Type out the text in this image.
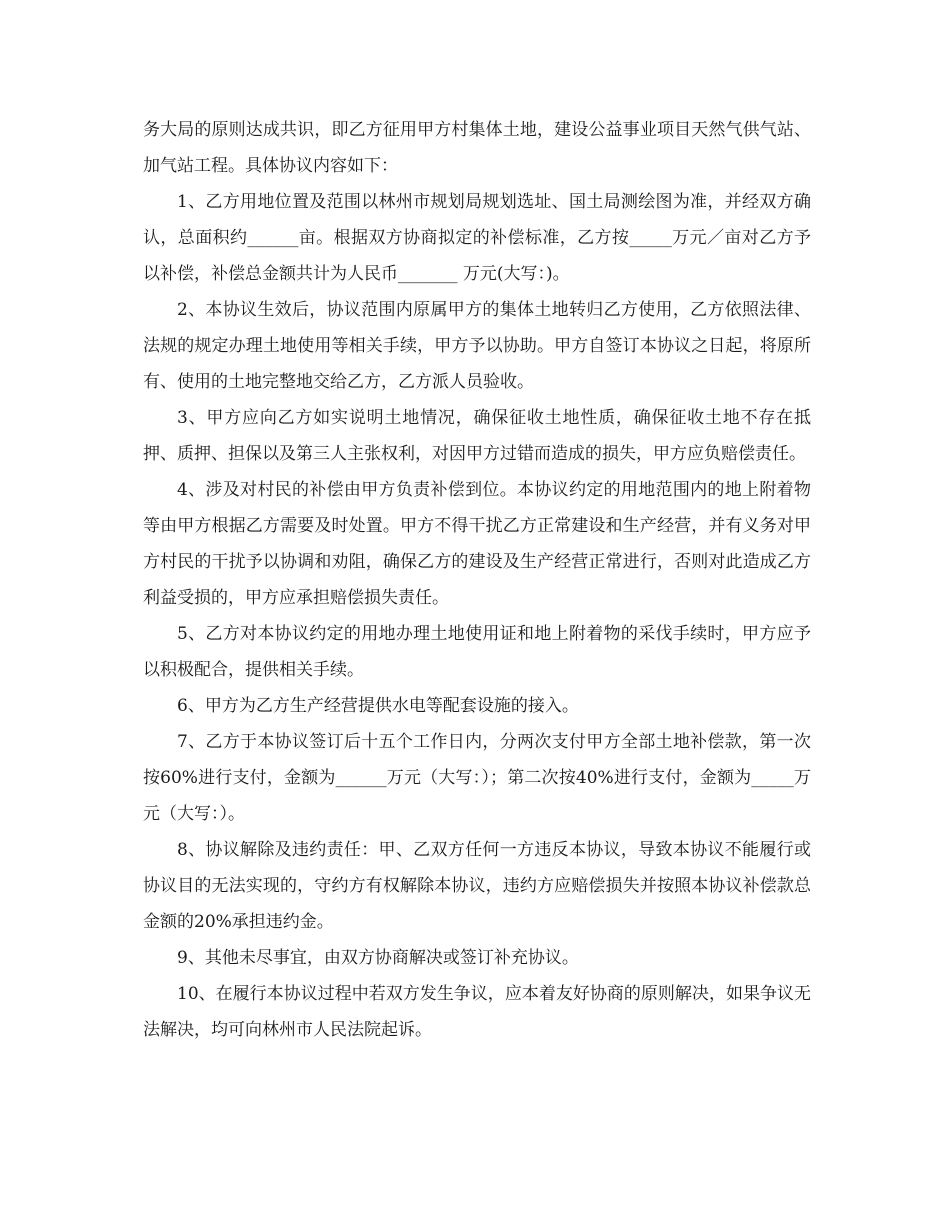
务大局的原则达成共识，即乙方征用甲方村集体土地，建设公益事业项目天然气供气站、加气站工程。具体协议内容如下：

1、乙方用地位置及范围以林州市规划局规划选址、国土局测绘图为准，并经双方确认，总面积约______亩。根据双方协商拟定的补偿标准，乙方按_____万元／亩对乙方予以补偿，补偿总金额共计为人民币_______ 万元(大写：)。

2、本协议生效后，协议范围内原属甲方的集体土地转归乙方使用，乙方依照法律、法规的规定办理土地使用等相关手续，甲方予以协助。甲方自签订本协议之日起，将原所有、使用的土地完整地交给乙方，乙方派人员验收。

3、甲方应向乙方如实说明土地情况，确保征收土地性质，确保征收土地不存在抵押、质押、担保以及第三人主张权利，对因甲方过错而造成的损失，甲方应负赔偿责任。

4、涉及对村民的补偿由甲方负责补偿到位。本协议约定的用地范围内的地上附着物等由甲方根据乙方需要及时处置。甲方不得干扰乙方正常建设和生产经营，并有义务对甲方村民的干扰予以协调和劝阻，确保乙方的建设及生产经营正常进行，否则对此造成乙方利益受损的，甲方应承担赔偿损失责任。

5、乙方对本协议约定的用地办理土地使用证和地上附着物的采伐手续时，甲方应予以积极配合，提供相关手续。

6、甲方为乙方生产经营提供水电等配套设施的接入。

7、乙方于本协议签订后十五个工作日内，分两次支付甲方全部土地补偿款，第一次按60%进行支付，金额为______万元（大写：）；第二次按40%进行支付，金额为_____万元（大写：）。

8、协议解除及违约责任：甲、乙双方任何一方违反本协议，导致本协议不能履行或协议目的无法实现的，守约方有权解除本协议，违约方应赔偿损失并按照本协议补偿款总金额的20%承担违约金。

9、其他未尽事宜，由双方协商解决或签订补充协议。

10、在履行本协议过程中若双方发生争议，应本着友好协商的原则解决，如果争议无法解决，均可向林州市人民法院起诉。
